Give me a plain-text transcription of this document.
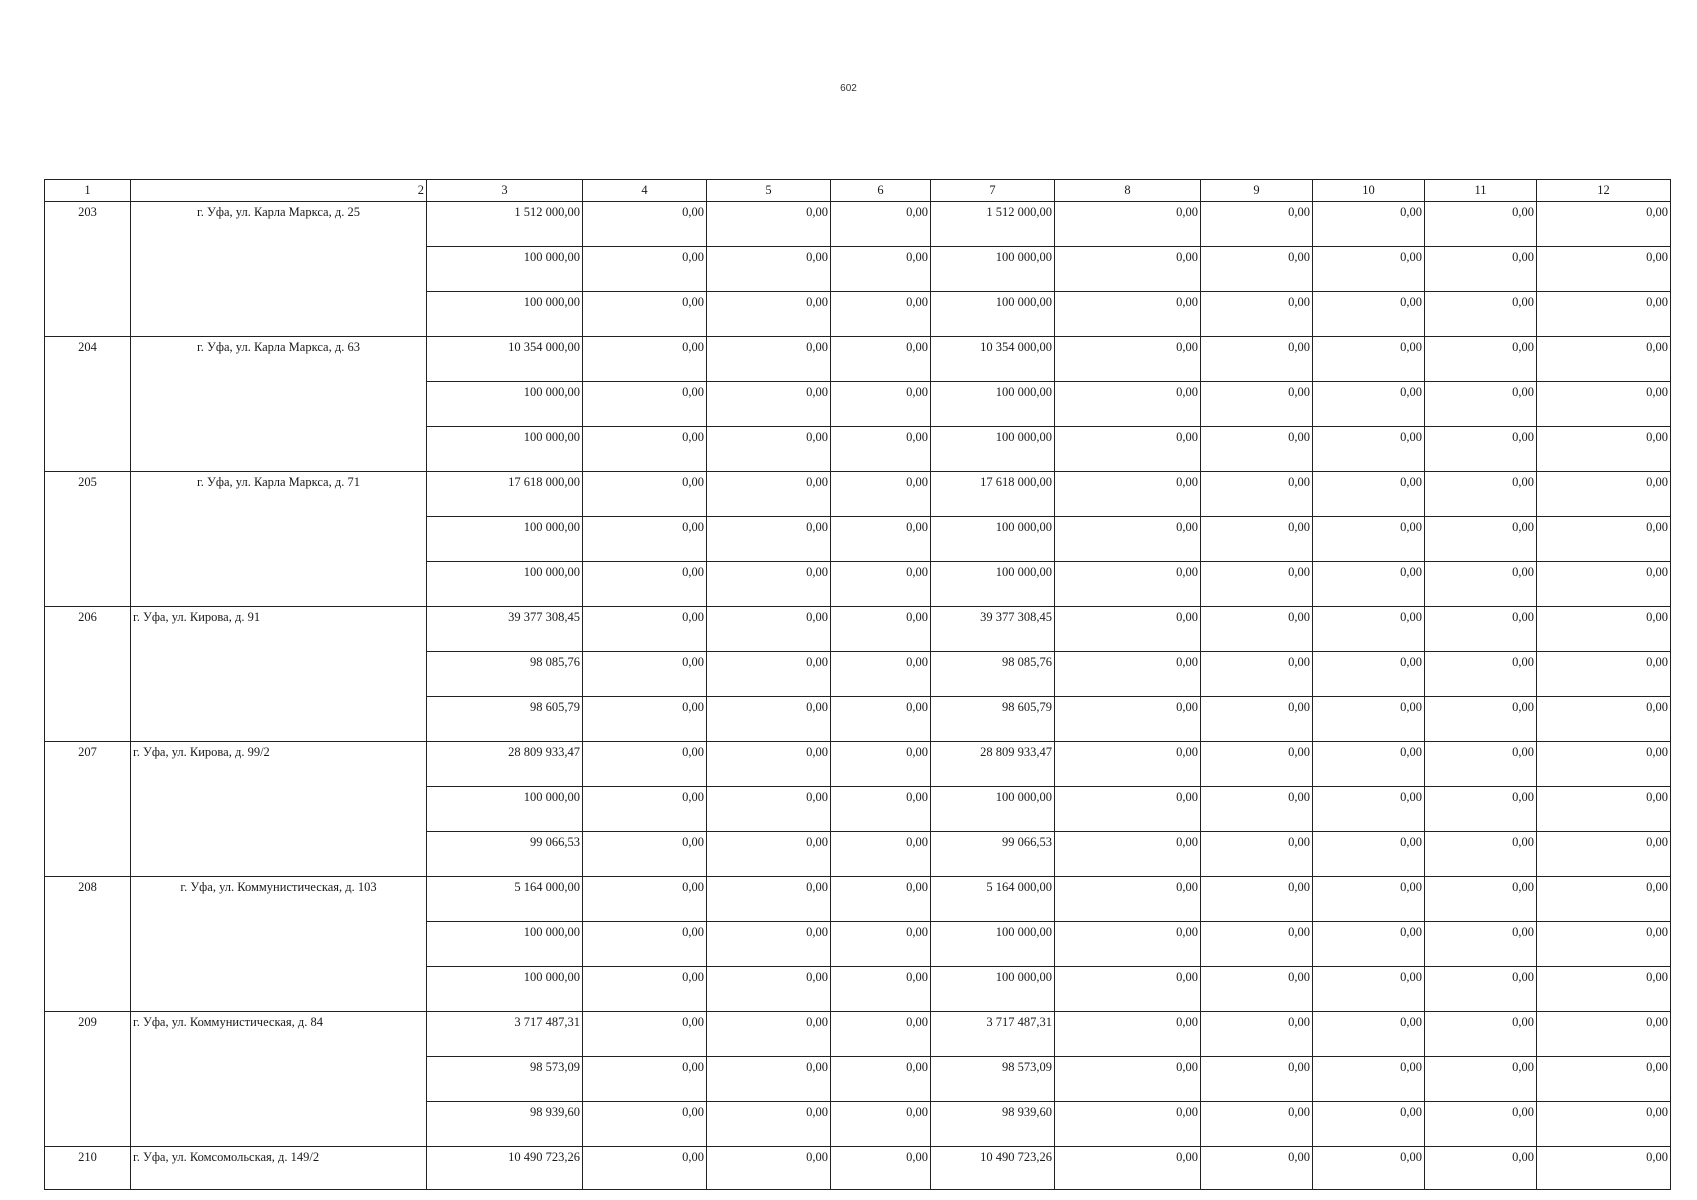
602
1	2	3	4	5	6	7	8	9	10	11	12
203	г. Уфа, ул. Карла Маркса, д. 25	1 512 000,00	0,00	0,00	0,00	1 512 000,00	0,00	0,00	0,00	0,00	0,00
		100 000,00	0,00	0,00	0,00	100 000,00	0,00	0,00	0,00	0,00	0,00
		100 000,00	0,00	0,00	0,00	100 000,00	0,00	0,00	0,00	0,00	0,00
204	г. Уфа, ул. Карла Маркса, д. 63	10 354 000,00	0,00	0,00	0,00	10 354 000,00	0,00	0,00	0,00	0,00	0,00
		100 000,00	0,00	0,00	0,00	100 000,00	0,00	0,00	0,00	0,00	0,00
		100 000,00	0,00	0,00	0,00	100 000,00	0,00	0,00	0,00	0,00	0,00
205	г. Уфа, ул. Карла Маркса, д. 71	17 618 000,00	0,00	0,00	0,00	17 618 000,00	0,00	0,00	0,00	0,00	0,00
		100 000,00	0,00	0,00	0,00	100 000,00	0,00	0,00	0,00	0,00	0,00
		100 000,00	0,00	0,00	0,00	100 000,00	0,00	0,00	0,00	0,00	0,00
206	г. Уфа, ул. Кирова, д. 91	39 377 308,45	0,00	0,00	0,00	39 377 308,45	0,00	0,00	0,00	0,00	0,00
		98 085,76	0,00	0,00	0,00	98 085,76	0,00	0,00	0,00	0,00	0,00
		98 605,79	0,00	0,00	0,00	98 605,79	0,00	0,00	0,00	0,00	0,00
207	г. Уфа, ул. Кирова, д. 99/2	28 809 933,47	0,00	0,00	0,00	28 809 933,47	0,00	0,00	0,00	0,00	0,00
		100 000,00	0,00	0,00	0,00	100 000,00	0,00	0,00	0,00	0,00	0,00
		99 066,53	0,00	0,00	0,00	99 066,53	0,00	0,00	0,00	0,00	0,00
208	г. Уфа, ул. Коммунистическая, д. 103	5 164 000,00	0,00	0,00	0,00	5 164 000,00	0,00	0,00	0,00	0,00	0,00
		100 000,00	0,00	0,00	0,00	100 000,00	0,00	0,00	0,00	0,00	0,00
		100 000,00	0,00	0,00	0,00	100 000,00	0,00	0,00	0,00	0,00	0,00
209	г. Уфа, ул. Коммунистическая, д. 84	3 717 487,31	0,00	0,00	0,00	3 717 487,31	0,00	0,00	0,00	0,00	0,00
		98 573,09	0,00	0,00	0,00	98 573,09	0,00	0,00	0,00	0,00	0,00
		98 939,60	0,00	0,00	0,00	98 939,60	0,00	0,00	0,00	0,00	0,00
210	г. Уфа, ул. Комсомольская, д. 149/2	10 490 723,26	0,00	0,00	0,00	10 490 723,26	0,00	0,00	0,00	0,00	0,00
